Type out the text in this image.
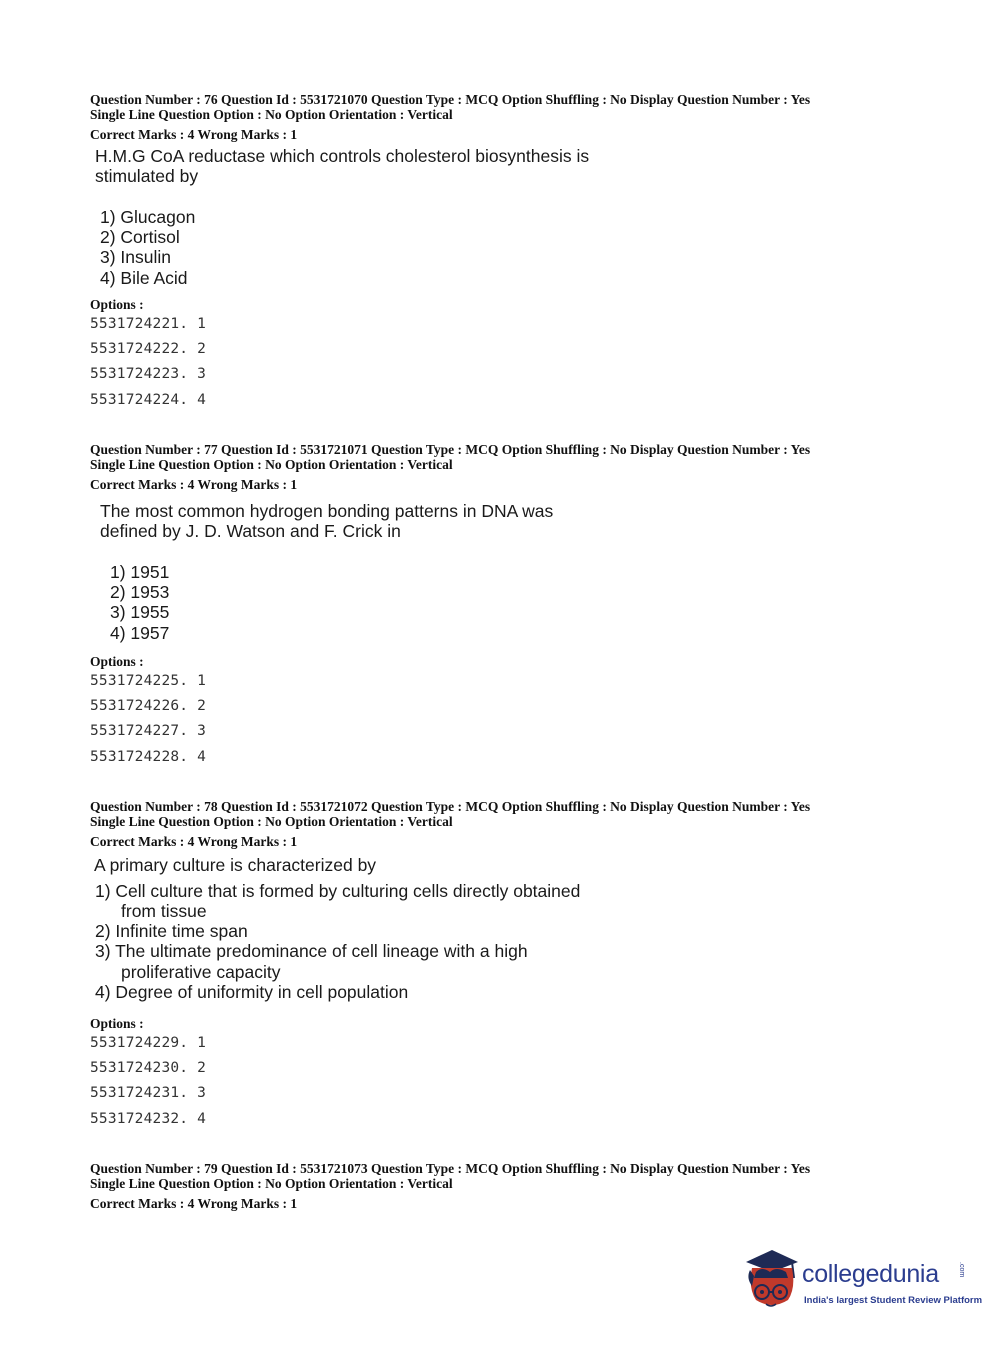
Question Number : 76 Question Id : 5531721070 Question Type : MCQ Option Shuffling : No Display Question Number : Yes
Single Line Question Option : No Option Orientation : Vertical
Correct Marks : 4 Wrong Marks : 1
H.M.G CoA reductase which controls cholesterol biosynthesis is
stimulated by
1) Glucagon
2) Cortisol
3) Insulin
4) Bile Acid
Options :
5531724221. 1
5531724222. 2
5531724223. 3
5531724224. 4
Question Number : 77 Question Id : 5531721071 Question Type : MCQ Option Shuffling : No Display Question Number : Yes
Single Line Question Option : No Option Orientation : Vertical
Correct Marks : 4 Wrong Marks : 1
The most common hydrogen bonding patterns in DNA was
defined by J. D. Watson and F. Crick in
1) 1951
2) 1953
3) 1955
4) 1957
Options :
5531724225. 1
5531724226. 2
5531724227. 3
5531724228. 4
Question Number : 78 Question Id : 5531721072 Question Type : MCQ Option Shuffling : No Display Question Number : Yes
Single Line Question Option : No Option Orientation : Vertical
Correct Marks : 4 Wrong Marks : 1
A primary culture is characterized by
1) Cell culture that is formed by culturing cells directly obtained
from tissue
2) Infinite time span
3) The ultimate predominance of cell lineage with a high
proliferative capacity
4) Degree of uniformity in cell population
Options :
5531724229. 1
5531724230. 2
5531724231. 3
5531724232. 4
Question Number : 79 Question Id : 5531721073 Question Type : MCQ Option Shuffling : No Display Question Number : Yes
Single Line Question Option : No Option Orientation : Vertical
Correct Marks : 4 Wrong Marks : 1
collegedunia	.com
India's largest Student Review Platform
